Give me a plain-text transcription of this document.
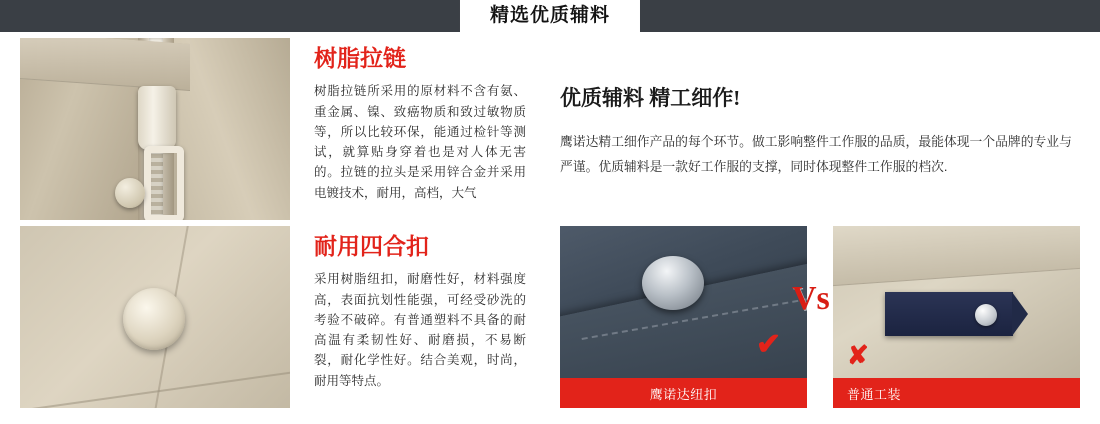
精选优质辅料
树脂拉链
树脂拉链所采用的原材料不含有氨、重金属、镍、致癌物质和致过敏物质等，所以比较环保，能通过检针等测试，就算贴身穿着也是对人体无害的。拉链的拉头是采用锌合金并采用电镀技术，耐用，高档，大气
优质辅料 精工细作!
鹰诺达精工细作产品的每个环节。做工影响整件工作服的品质，最能体现一个品牌的专业与严谨。优质辅料是一款好工作服的支撑，同时体现整件工作服的档次.
耐用四合扣
采用树脂纽扣，耐磨性好，材料强度高，表面抗划性能强，可经受砂洗的考验不破碎。有普通塑料不具备的耐高温有柔韧性好、耐磨损，不易断裂，耐化学性好。结合美观，时尚，耐用等特点。
✔
鹰诺达纽扣
✘
普通工装
Vs
